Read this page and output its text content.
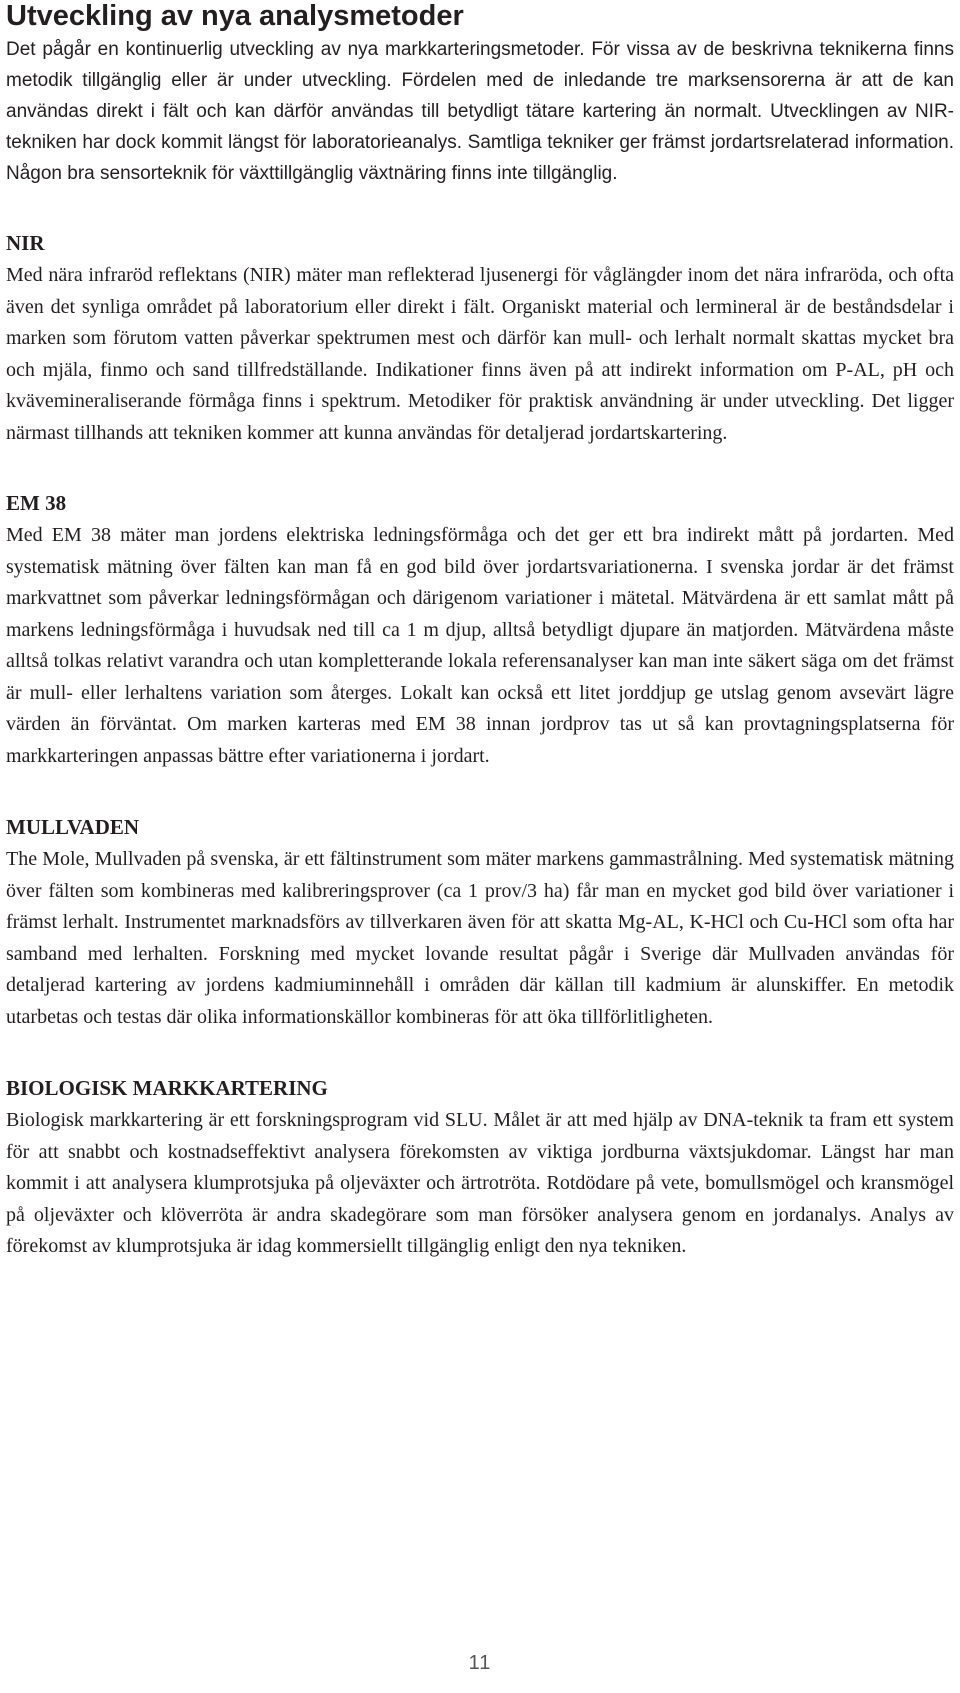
Utveckling av nya analysmetoder

Det pågår en kontinuerlig utveckling av nya markkarteringsmetoder. För vissa av de beskrivna teknikerna finns metodik tillgänglig eller är under utveckling. Fördelen med de inledande tre marksensorerna är att de kan användas direkt i fält och kan därför användas till betydligt tätare kartering än normalt. Utvecklingen av NIR-tekniken har dock kommit längst för laboratorieanalys. Samtliga tekniker ger främst jordartsrelaterad information. Någon bra sensorteknik för växttillgänglig växtnäring finns inte tillgänglig.

NIR

Med nära infraröd reflektans (NIR) mäter man reflekterad ljusenergi för våglängder inom det nära infraröda, och ofta även det synliga området på laboratorium eller direkt i fält. Organiskt material och lermineral är de beståndsdelar i marken som förutom vatten påverkar spektrumen mest och därför kan mull- och lerhalt normalt skattas mycket bra och mjäla, finmo och sand tillfredställande. Indikationer finns även på att indirekt information om P-AL, pH och kvävemineraliserande förmåga finns i spektrum. Metodiker för praktisk användning är under utveckling. Det ligger närmast tillhands att tekniken kommer att kunna användas för detaljerad jordartskartering.

EM 38

Med EM 38 mäter man jordens elektriska ledningsförmåga och det ger ett bra indirekt mått på jordarten. Med systematisk mätning över fälten kan man få en god bild över jordartsvariationerna. I svenska jordar är det främst markvattnet som påverkar ledningsförmågan och därigenom variationer i mätetal. Mätvärdena är ett samlat mått på markens ledningsförmåga i huvudsak ned till ca 1 m djup, alltså betydligt djupare än matjorden. Mätvärdena måste alltså tolkas relativt varandra och utan kompletterande lokala referensanalyser kan man inte säkert säga om det främst är mull- eller lerhaltens variation som återges. Lokalt kan också ett litet jorddjup ge utslag genom avsevärt lägre värden än förväntat. Om marken karteras med EM 38 innan jordprov tas ut så kan provtagningsplatserna för markkarteringen anpassas bättre efter variationerna i jordart.

MULLVADEN

The Mole, Mullvaden på svenska, är ett fältinstrument som mäter markens gammastrålning. Med systematisk mätning över fälten som kombineras med kalibreringsprover (ca 1 prov/3 ha) får man en mycket god bild över variationer i främst lerhalt. Instrumentet marknadsförs av tillverkaren även för att skatta Mg-AL, K-HCl och Cu-HCl som ofta har samband med lerhalten. Forskning med mycket lovande resultat pågår i Sverige där Mullvaden användas för detaljerad kartering av jordens kadmiuminnehåll i områden där källan till kadmium är alunskiffer. En metodik utarbetas och testas där olika informationskällor kombineras för att öka tillförlitligheten.

BIOLOGISK MARKKARTERING

Biologisk markkartering är ett forskningsprogram vid SLU. Målet är att med hjälp av DNA-teknik ta fram ett system för att snabbt och kostnadseffektivt analysera förekomsten av viktiga jordburna växtsjukdomar. Längst har man kommit i att analysera klumprotsjuka på oljeväxter och ärtrotröta. Rotdödare på vete, bomullsmögel och kransmögel på oljeväxter och klöverröta är andra skadegörare som man försöker analysera genom en jordanalys. Analys av förekomst av klumprotsjuka är idag kommersiellt tillgänglig enligt den nya tekniken.

11
